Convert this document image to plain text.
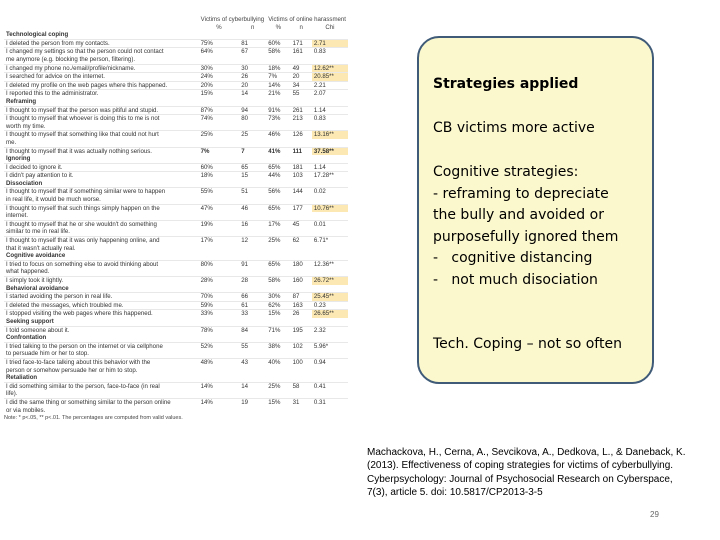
	Victims of cyberbullying		Victims of online harassment		
	%	n	%	n	Chi
Technological coping					
I deleted the person from my contacts.	75%	81	60%	171	2.71
I changed my settings so that the person could not contact	64%	67	58%	161	0.83
me anymore (e.g. blocking the person, filtering).					
I changed my phone no./email/profile/nickname.	30%	30	18%	49	12.62**
I searched for advice on the internet.	24%	26	7%	20	20.85**
I deleted my profile on the web pages where this happened.	20%	20	14%	34	2.21
I reported this to the administrator.	15%	14	21%	55	2.07
Reframing					
I thought to myself that the person was pitiful and stupid.	87%	94	91%	261	1.14
I thought to myself that whoever is doing this to me is not	74%	80	73%	213	0.83
worth my time.					
I thought to myself that something like that could not hurt	25%	25	46%	126	13.16**
me.					
I thought to myself that it was actually nothing serious.	7%	7	41%	111	37.58**
Ignoring					
I decided to ignore it.	60%	65	65%	181	1.14
I didn't pay attention to it.	18%	15	44%	103	17.28**
Dissociation					
I thought to myself that if something similar were to happen	55%	51	56%	144	0.02
in real life, it would be much worse.					
I thought to myself that such things simply happen on the	47%	46	65%	177	10.76**
internet.					
I thought to myself that he or she wouldn't do something	19%	16	17%	45	0.01
similar to me in real life.					
I thought to myself that it was only happening online, and	17%	12	25%	62	6.71*
that it wasn't actually real.					
Cognitive avoidance					
I tried to focus on something else to avoid thinking about	80%	91	65%	180	12.36**
what happened.					
I simply took it lightly.	28%	28	58%	160	26.72**
Behavioral avoidance					
I started avoiding the person in real life.	70%	66	30%	87	25.45**
I deleted the messages, which troubled me.	59%	61	62%	163	0.23
I stopped visiting the web pages where this happened.	33%	33	15%	26	26.65**
Seeking support					
I told someone about it.	78%	84	71%	195	2.32
Confrontation					
I tried talking to the person on the internet or via cellphone	52%	55	38%	102	5.96*
to persuade him or her to stop.					
I tried face-to-face talking about this behavior with the	48%	43	40%	100	0.94
person or somehow persuade her or him to stop.					
Retaliation					
I did something similar to the person, face-to-face (in real	14%	14	25%	58	0.41
life).					
I did the same thing or something similar to the person online	14%	19	15%	31	0.31
or via mobiles.					
Note: * p<.05, ** p<.01. The percentages are computed from valid values.
Strategies applied
CB victims more active
Cognitive strategies:
- reframing to depreciate
the bully and avoided or
purposefully ignored them
-   cognitive distancing
-   not much disociation
Tech. Coping – not so often
Machackova, H., Cerna, A., Sevcikova, A., Dedkova, L., & Daneback, K.
(2013). Effectiveness of coping strategies for victims of cyberbullying.
Cyberpsychology: Journal of Psychosocial Research on Cyberspace,
7(3), article 5. doi: 10.5817/CP2013-3-5
29
